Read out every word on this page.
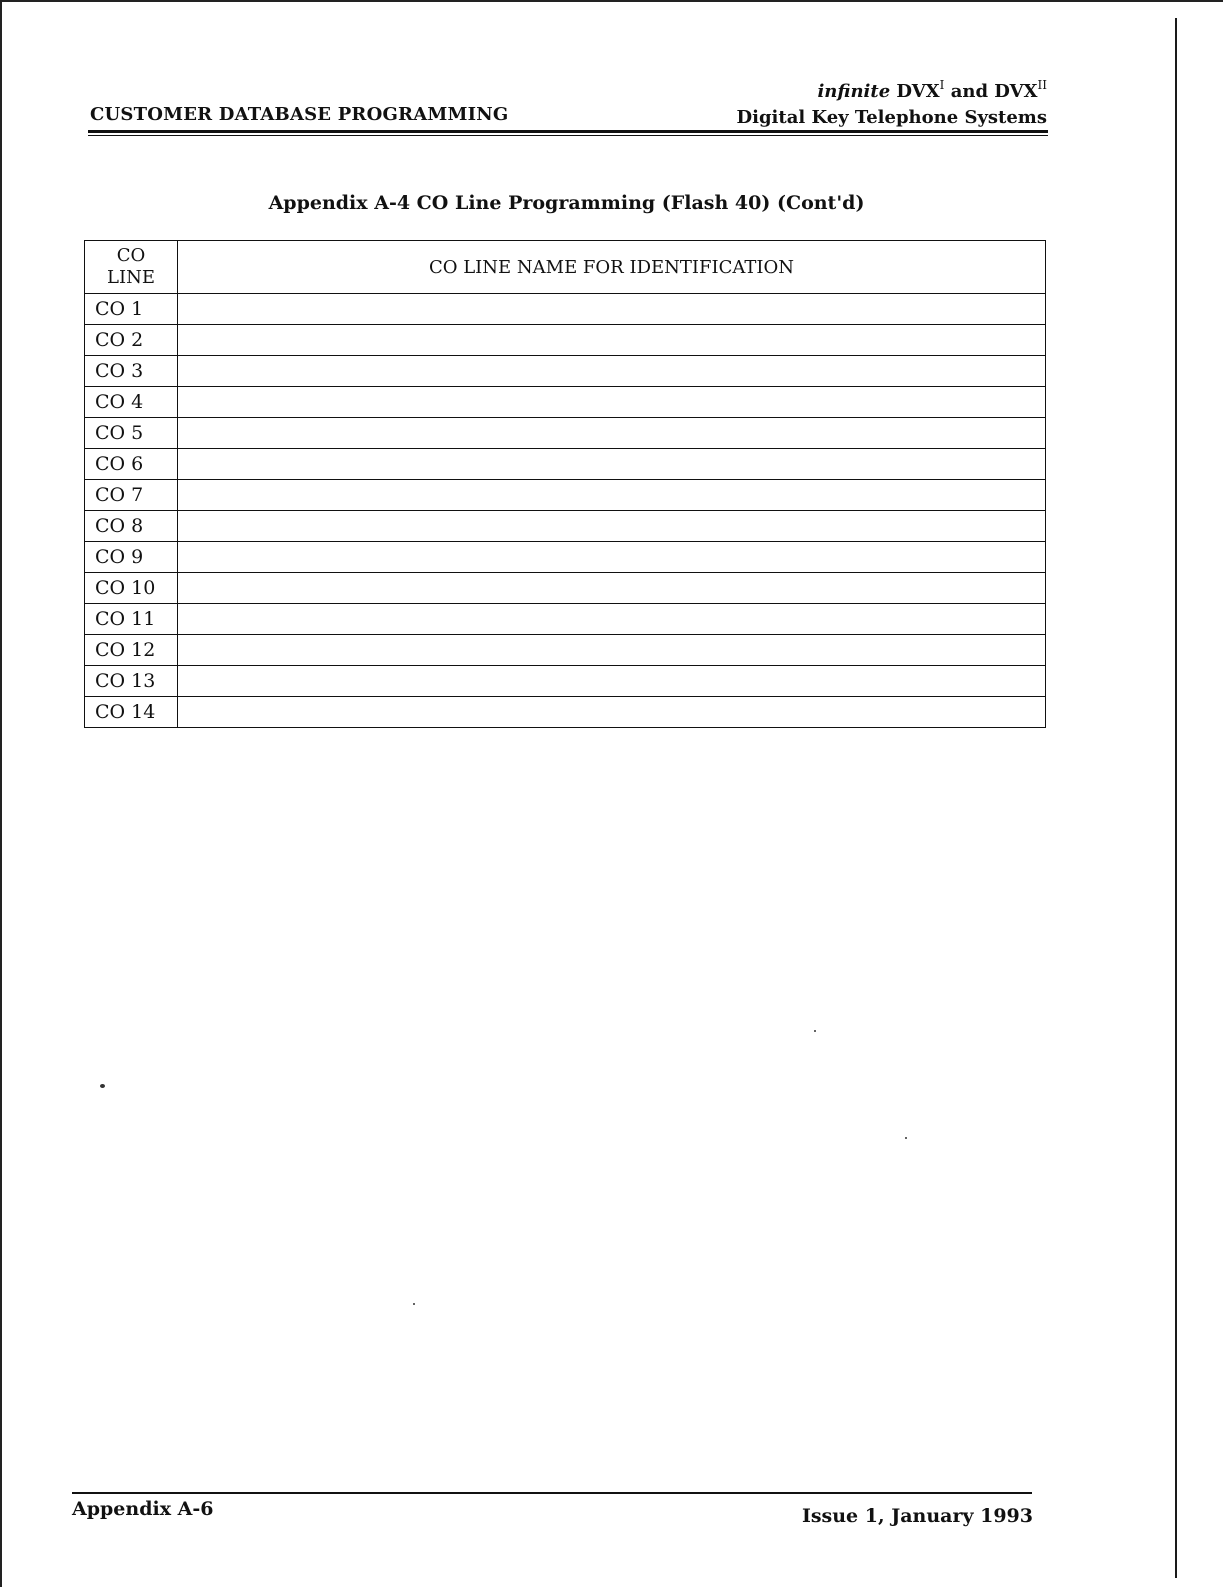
CUSTOMER DATABASE PROGRAMMING
infinite $DVX^I$ and $DVX^{II}$
Digital Key Telephone Systems
Appendix A-4 CO Line Programming (Flash 40) (Cont'd)
CO
LINE	CO LINE NAME FOR IDENTIFICATION
CO 1	
CO 2	
CO 3	
CO 4	
CO 5	
CO 6	
CO 7	
CO 8	
CO 9	
CO 10	
CO 11	
CO 12	
CO 13	
CO 14	
Appendix A-6	Issue 1, January 1993
